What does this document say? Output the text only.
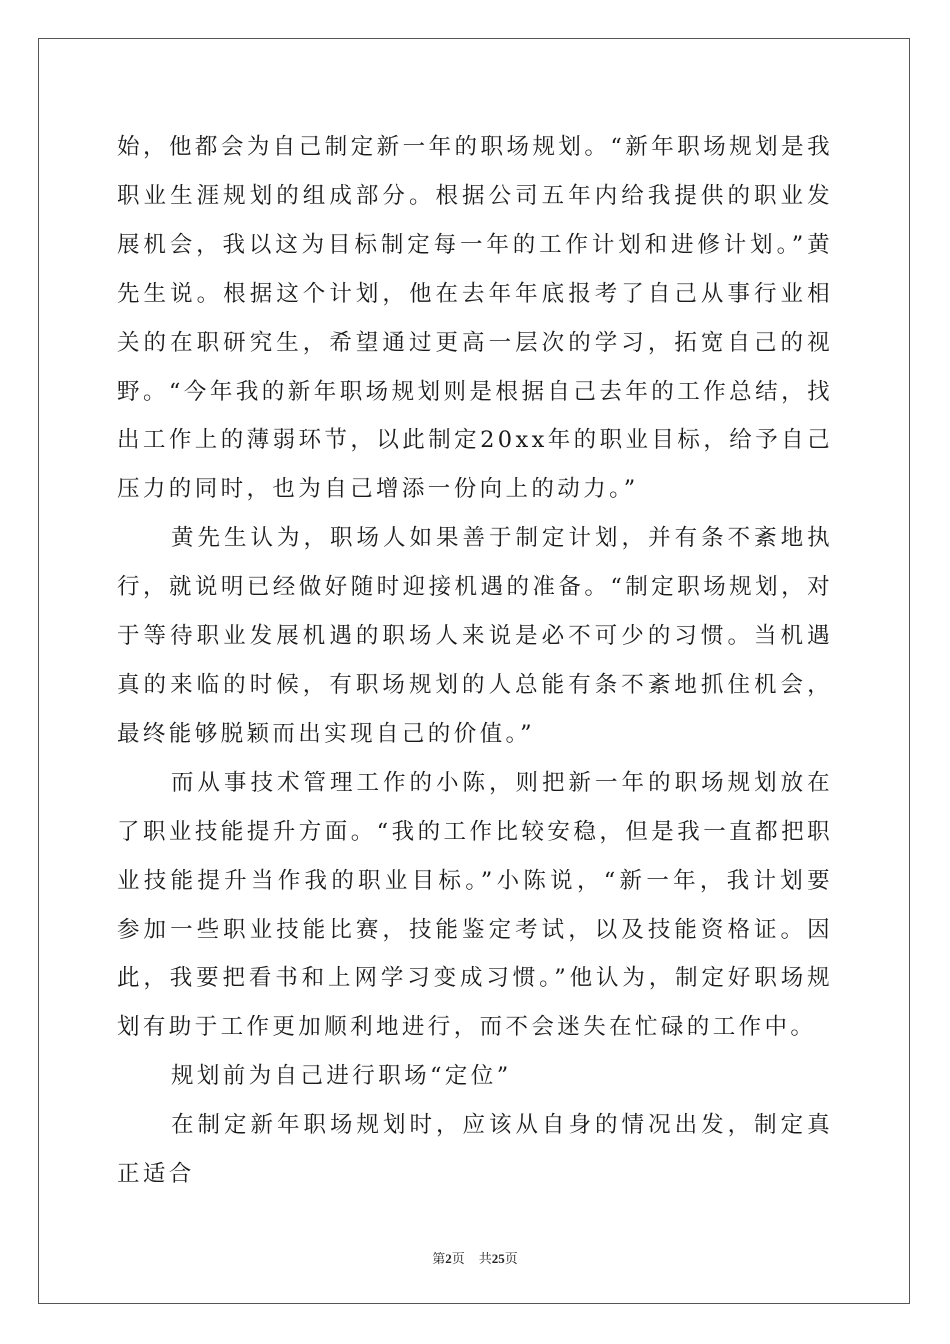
始，他都会为自己制定新一年的职场规划。“新年职场规划是我职业生涯规划的组成部分。根据公司五年内给我提供的职业发展机会，我以这为目标制定每一年的工作计划和进修计划。”黄先生说。根据这个计划，他在去年年底报考了自己从事行业相关的在职研究生，希望通过更高一层次的学习，拓宽自己的视野。“今年我的新年职场规划则是根据自己去年的工作总结，找出工作上的薄弱环节，以此制定20xx年的职业目标，给予自己压力的同时，也为自己增添一份向上的动力。”

黄先生认为，职场人如果善于制定计划，并有条不紊地执行，就说明已经做好随时迎接机遇的准备。“制定职场规划，对于等待职业发展机遇的职场人来说是必不可少的习惯。当机遇真的来临的时候，有职场规划的人总能有条不紊地抓住机会，最终能够脱颖而出实现自己的价值。”

而从事技术管理工作的小陈，则把新一年的职场规划放在了职业技能提升方面。“我的工作比较安稳，但是我一直都把职业技能提升当作我的职业目标。”小陈说，“新一年，我计划要参加一些职业技能比赛，技能鉴定考试，以及技能资格证。因此，我要把看书和上网学习变成习惯。”他认为，制定好职场规划有助于工作更加顺利地进行，而不会迷失在忙碌的工作中。

规划前为自己进行职场“定位”

在制定新年职场规划时，应该从自身的情况出发，制定真正适合

第2页 共25页
